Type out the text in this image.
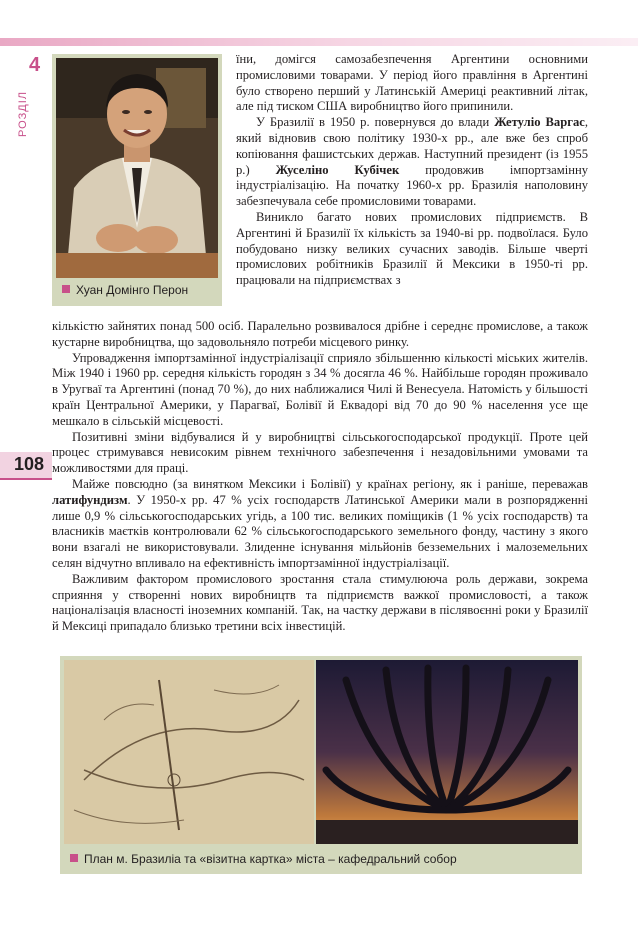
4
РОЗДІЛ
108
Хуан Домінго Перон

їни, домігся самозабезпечення Аргентини основними промисловими товарами. У період його правління в Аргентині було створено перший у Латинській Америці реактивний літак, але під тиском США виробництво його припинили.

У Бразилії в 1950 р. повернувся до влади Жетуліо Варгас, який відновив свою політику 1930-х рр., але вже без спроб копіювання фашистських держав. Наступний президент (із 1955 р.) Жуселіно Кубічек продовжив імпортзамінну індустріалізацію. На початку 1960-х рр. Бразилія наполовину забезпечувала себе промисловими товарами.

Виникло багато нових промислових підприємств. В Аргентині й Бразилії їх кількість за 1940-ві рр. подвоїлася. Було побудовано низку великих сучасних заводів. Більше чверті промислових робітників Бразилії й Мексики в 1950-ті рр. працювали на підприємствах з

кількістю зайнятих понад 500 осіб. Паралельно розвивалося дрібне і середнє промислове, а також кустарне виробництва, що задовольняло потреби місцевого ринку.

Упровадження імпортзамінної індустріалізації сприяло збільшенню кількості міських жителів. Між 1940 і 1960 рр. середня кількість городян з 34 % досягла 46 %. Найбільше городян проживало в Уругваї та Аргентині (понад 70 %), до них наближалися Чилі й Венесуела. Натомість у більшості країн Центральної Америки, у Парагваї, Болівії й Еквадорі від 70 до 90 % населення усе ще мешкало в сільській місцевості.

Позитивні зміни відбувалися й у виробництві сільськогосподарської продукції. Проте цей процес стримувався невисоким рівнем технічного забезпечення і незадовільними умовами та можливостями для праці.

Майже повсюдно (за винятком Мексики і Болівії) у країнах регіону, як і раніше, переважав латифундизм. У 1950-х рр. 47 % усіх господарств Латинської Америки мали в розпорядженні лише 0,9 % сільськогосподарських угідь, а 100 тис. великих поміщиків (1 % усіх господарств) та власників маєтків контролювали 62 % сільськогосподарського земельного фонду, частину з якого вони взагалі не використовували. Злиденне існування мільйонів безземельних і малоземельних селян відчутно впливало на ефективність імпортзамінної індустріалізації.

Важливим фактором промислового зростання стала стимулююча роль держави, зокрема сприяння у створенні нових виробництв та підприємств важкої промисловості, а також націоналізація власності іноземних компаній. Так, на частку держави в післявоєнні роки у Бразилії й Мексиці припадало близько третини всіх інвестицій.

План м. Бразиліа та «візитна картка» міста – кафедральний собор
